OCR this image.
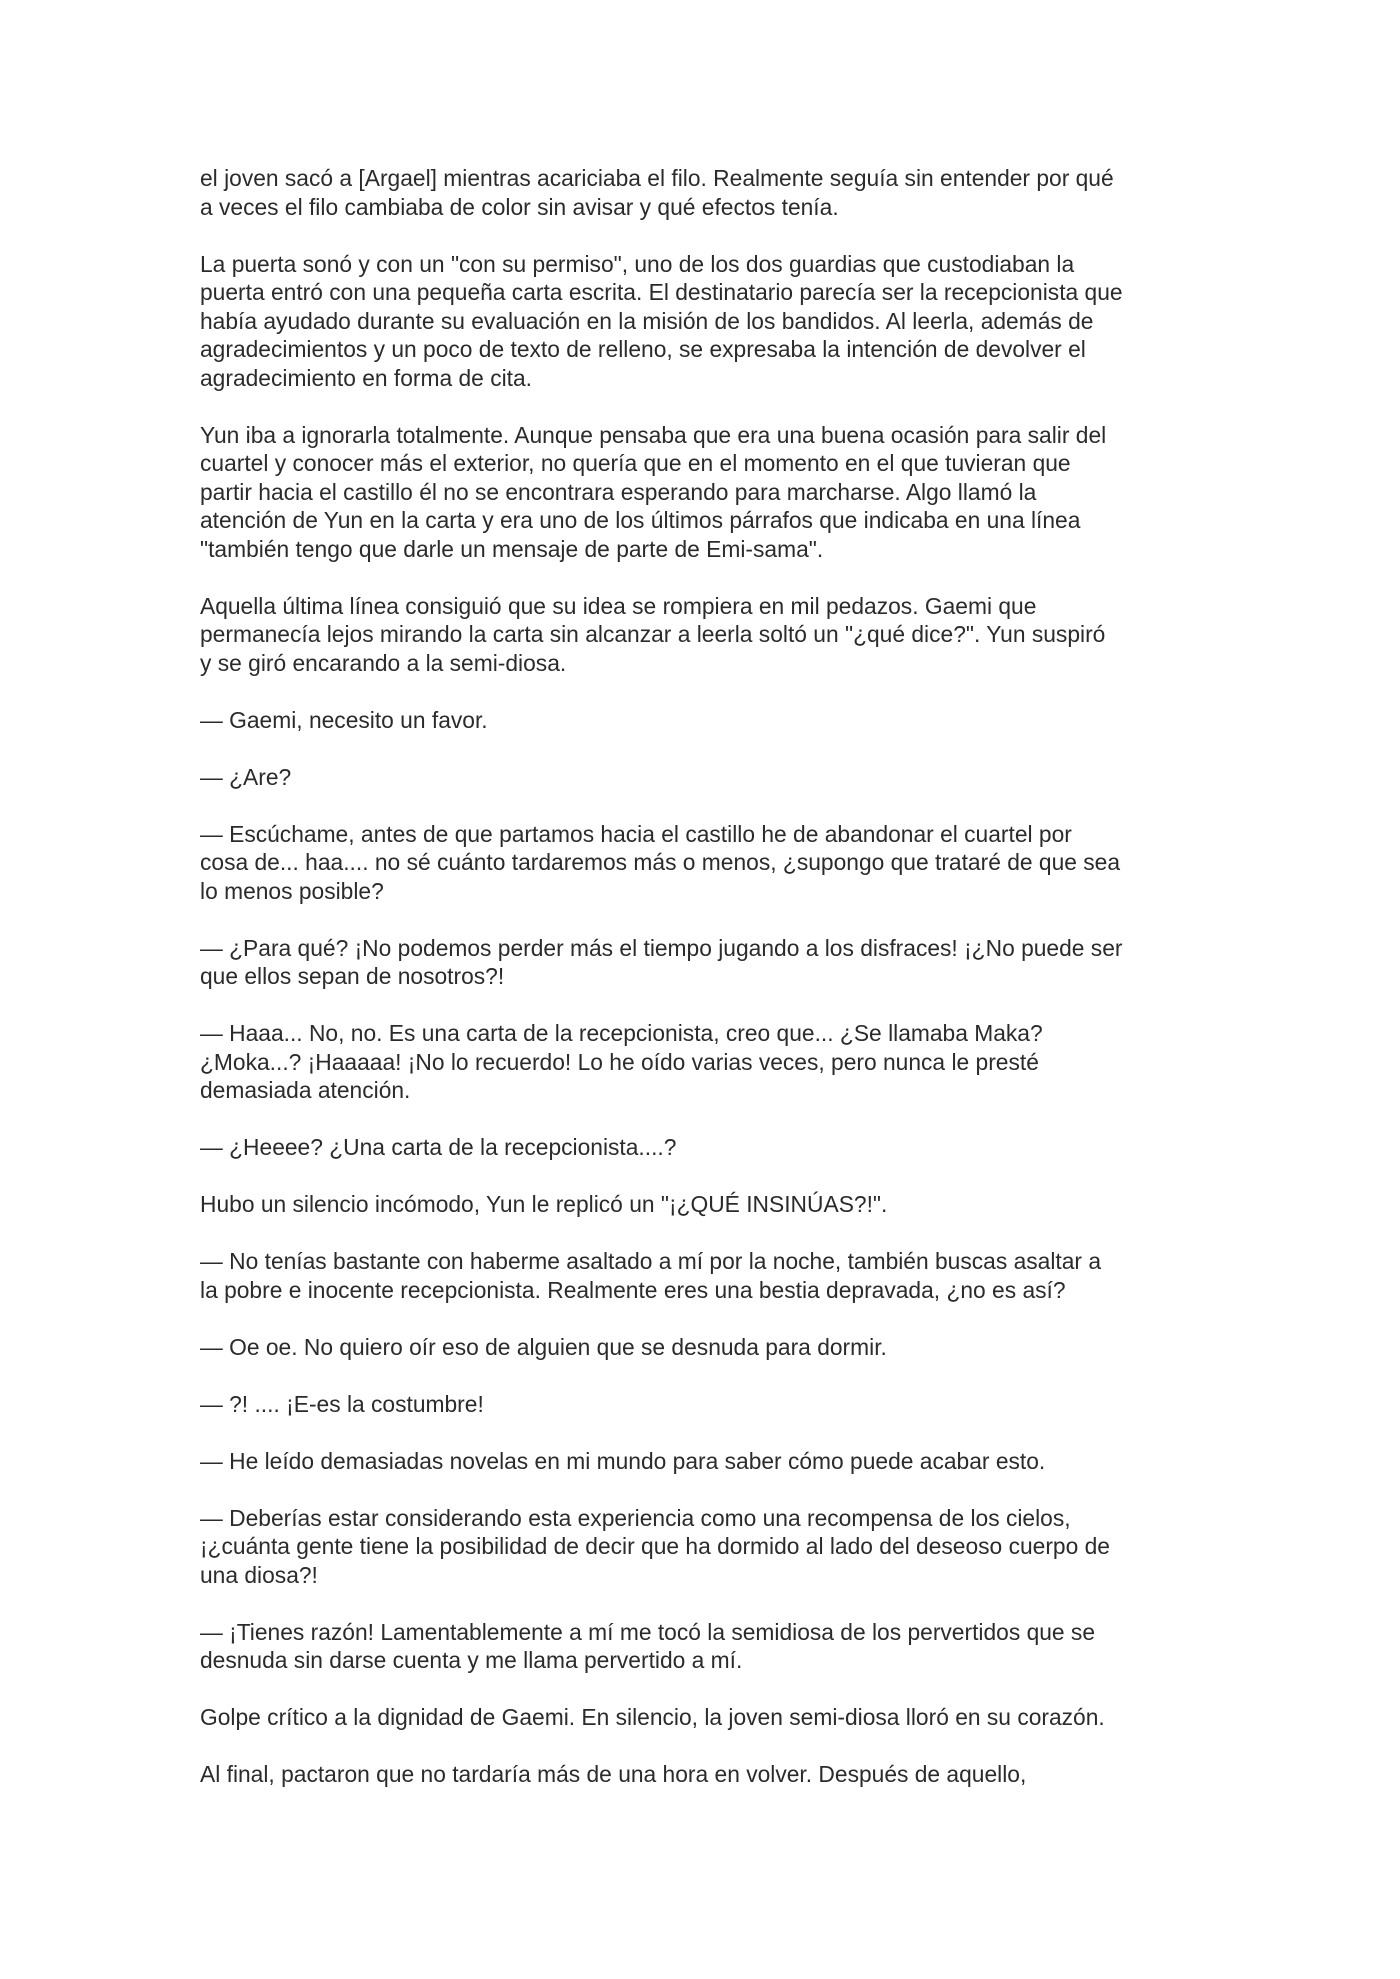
el joven sacó a [Argael] mientras acariciaba el filo. Realmente seguía sin entender por qué
a veces el filo cambiaba de color sin avisar y qué efectos tenía.

La puerta sonó y con un "con su permiso", uno de los dos guardias que custodiaban la
puerta entró con una pequeña carta escrita. El destinatario parecía ser la recepcionista que
había ayudado durante su evaluación en la misión de los bandidos. Al leerla, además de
agradecimientos y un poco de texto de relleno, se expresaba la intención de devolver el
agradecimiento en forma de cita.

Yun iba a ignorarla totalmente. Aunque pensaba que era una buena ocasión para salir del
cuartel y conocer más el exterior, no quería que en el momento en el que tuvieran que
partir hacia el castillo él no se encontrara esperando para marcharse. Algo llamó la
atención de Yun en la carta y era uno de los últimos párrafos que indicaba en una línea
"también tengo que darle un mensaje de parte de Emi-sama".

Aquella última línea consiguió que su idea se rompiera en mil pedazos. Gaemi que
permanecía lejos mirando la carta sin alcanzar a leerla soltó un "¿qué dice?". Yun suspiró
y se giró encarando a la semi-diosa.

— Gaemi, necesito un favor.

— ¿Are?

— Escúchame, antes de que partamos hacia el castillo he de abandonar el cuartel por
cosa de... haa.... no sé cuánto tardaremos más o menos, ¿supongo que trataré de que sea
lo menos posible?

— ¿Para qué? ¡No podemos perder más el tiempo jugando a los disfraces! ¡¿No puede ser
que ellos sepan de nosotros?!

— Haaa... No, no. Es una carta de la recepcionista, creo que... ¿Se llamaba Maka?
¿Moka...? ¡Haaaaa! ¡No lo recuerdo! Lo he oído varias veces, pero nunca le presté
demasiada atención.

— ¿Heeee? ¿Una carta de la recepcionista....?

Hubo un silencio incómodo, Yun le replicó un "¡¿QUÉ INSINÚAS?!".

— No tenías bastante con haberme asaltado a mí por la noche, también buscas asaltar a
la pobre e inocente recepcionista. Realmente eres una bestia depravada, ¿no es así?

— Oe oe. No quiero oír eso de alguien que se desnuda para dormir.

— ?! .... ¡E-es la costumbre!

— He leído demasiadas novelas en mi mundo para saber cómo puede acabar esto.

— Deberías estar considerando esta experiencia como una recompensa de los cielos,
¡¿cuánta gente tiene la posibilidad de decir que ha dormido al lado del deseoso cuerpo de
una diosa?!

— ¡Tienes razón! Lamentablemente a mí me tocó la semidiosa de los pervertidos que se
desnuda sin darse cuenta y me llama pervertido a mí.

Golpe crítico a la dignidad de Gaemi. En silencio, la joven semi-diosa lloró en su corazón.

Al final, pactaron que no tardaría más de una hora en volver. Después de aquello,
